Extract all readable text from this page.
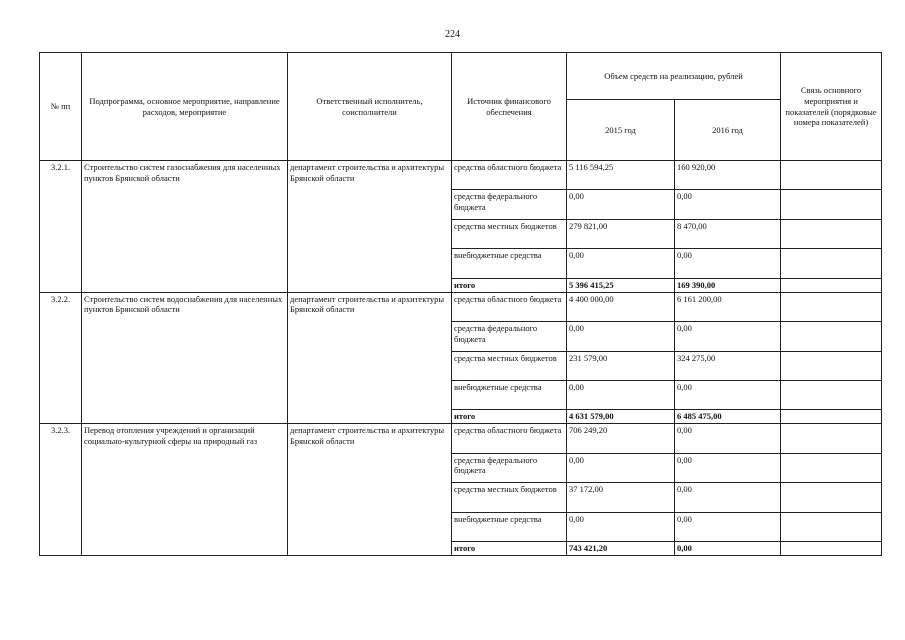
224
№ пп	Подпрограмма, основное мероприятие, направление расходов, мероприятие	Ответственный исполнитель, соисполнители	Источник финансового обеспечения	Объем средств на реализацию, рублей		Связь основного мероприятия и показателей (порядковые номера показателей)
				2015 год	2016 год	
3.2.1.	Строительство систем газоснабжения для населенных пунктов Брянской области	департамент строительства и архитектуры Брянской области	средства областного бюджета	5 116 594,25	160 920,00	
			средства федерального бюджета	0,00	0,00	
			средства местных бюджетов	279 821,00	8 470,00	
			внебюджетные средства	0,00	0,00	
			итого	5 396 415,25	169 390,00	
3.2.2.	Строительство систем водоснабжения для населенных пунктов Брянской области	департамент строительства и архитектуры Брянской области	средства областного бюджета	4 400 000,00	6 161 200,00	
			средства федерального бюджета	0,00	0,00	
			средства местных бюджетов	231 579,00	324 275,00	
			внебюджетные средства	0,00	0,00	
			итого	4 631 579,00	6 485 475,00	
3.2.3.	Перевод отопления учреждений и организаций социально-культурной сферы на природный газ	департамент строительства и архитектуры Брянской области	средства областного бюджета	706 249,20	0,00	
			средства федерального бюджета	0,00	0,00	
			средства местных бюджетов	37 172,00	0,00	
			внебюджетные средства	0,00	0,00	
			итого	743 421,20	0,00	
